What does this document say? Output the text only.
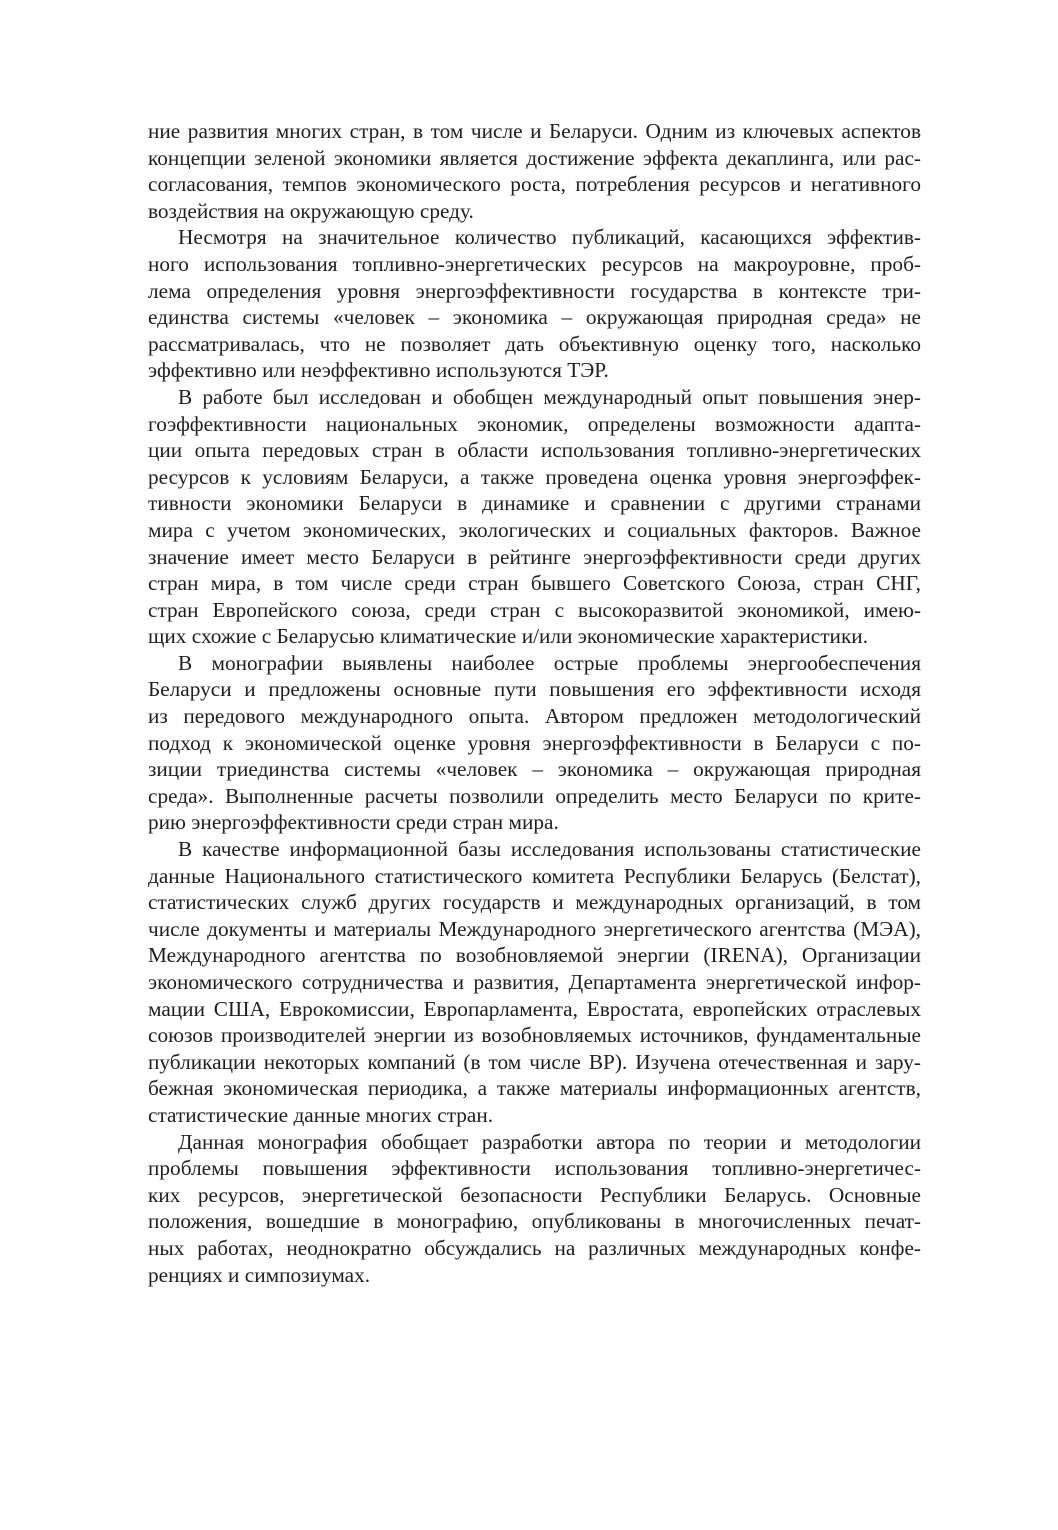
ние развития многих стран, в том числе и Беларуси. Одним из ключевых аспектов
концепции зеленой экономики является достижение эффекта декаплинга, или рас-
согласования, темпов экономического роста, потребления ресурсов и негативного
воздействия на окружающую среду.
Несмотря на значительное количество публикаций, касающихся эффектив-
ного использования топливно-энергетических ресурсов на макроуровне, проб-
лема определения уровня энергоэффективности государства в контексте три-
единства системы «человек – экономика – окружающая природная среда» не
рассматривалась, что не позволяет дать объективную оценку того, насколько
эффективно или неэффективно используются ТЭР.
В работе был исследован и обобщен международный опыт повышения энер-
гоэффективности национальных экономик, определены возможности адапта-
ции опыта передовых стран в области использования топливно-энергетических
ресурсов к условиям Беларуси, а также проведена оценка уровня энергоэффек-
тивности экономики Беларуси в динамике и сравнении с другими странами
мира с учетом экономических, экологических и социальных факторов. Важное
значение имеет место Беларуси в рейтинге энергоэффективности среди других
стран мира, в том числе среди стран бывшего Советского Союза, стран СНГ,
стран Европейского союза, среди стран с высокоразвитой экономикой, имею-
щих схожие с Беларусью климатические и/или экономические характеристики.
В монографии выявлены наиболее острые проблемы энергообеспечения
Беларуси и предложены основные пути повышения его эффективности исходя
из передового международного опыта. Автором предложен методологический
подход к экономической оценке уровня энергоэффективности в Беларуси с по-
зиции триединства системы «человек – экономика – окружающая природная
среда». Выполненные расчеты позволили определить место Беларуси по крите-
рию энергоэффективности среди стран мира.
В качестве информационной базы исследования использованы статистические
данные Национального статистического комитета Республики Беларусь (Белстат),
статистических служб других государств и международных организаций, в том
числе документы и материалы Международного энергетического агентства (МЭА),
Международного агентства по возобновляемой энергии (IRENA), Организации
экономического сотрудничества и развития, Департамента энергетической инфор-
мации США, Еврокомиссии, Европарламента, Евростата, европейских отраслевых
союзов производителей энергии из возобновляемых источников, фундаментальные
публикации некоторых компаний (в том числе BP). Изучена отечественная и зару-
бежная экономическая периодика, а также материалы информационных агентств,
статистические данные многих стран.
Данная монография обобщает разработки автора по теории и методологии
проблемы повышения эффективности использования топливно-энергетичес-
ких ресурсов, энергетической безопасности Республики Беларусь. Основные
положения, вошедшие в монографию, опубликованы в многочисленных печат-
ных работах, неоднократно обсуждались на различных международных конфе-
ренциях и симпозиумах.
